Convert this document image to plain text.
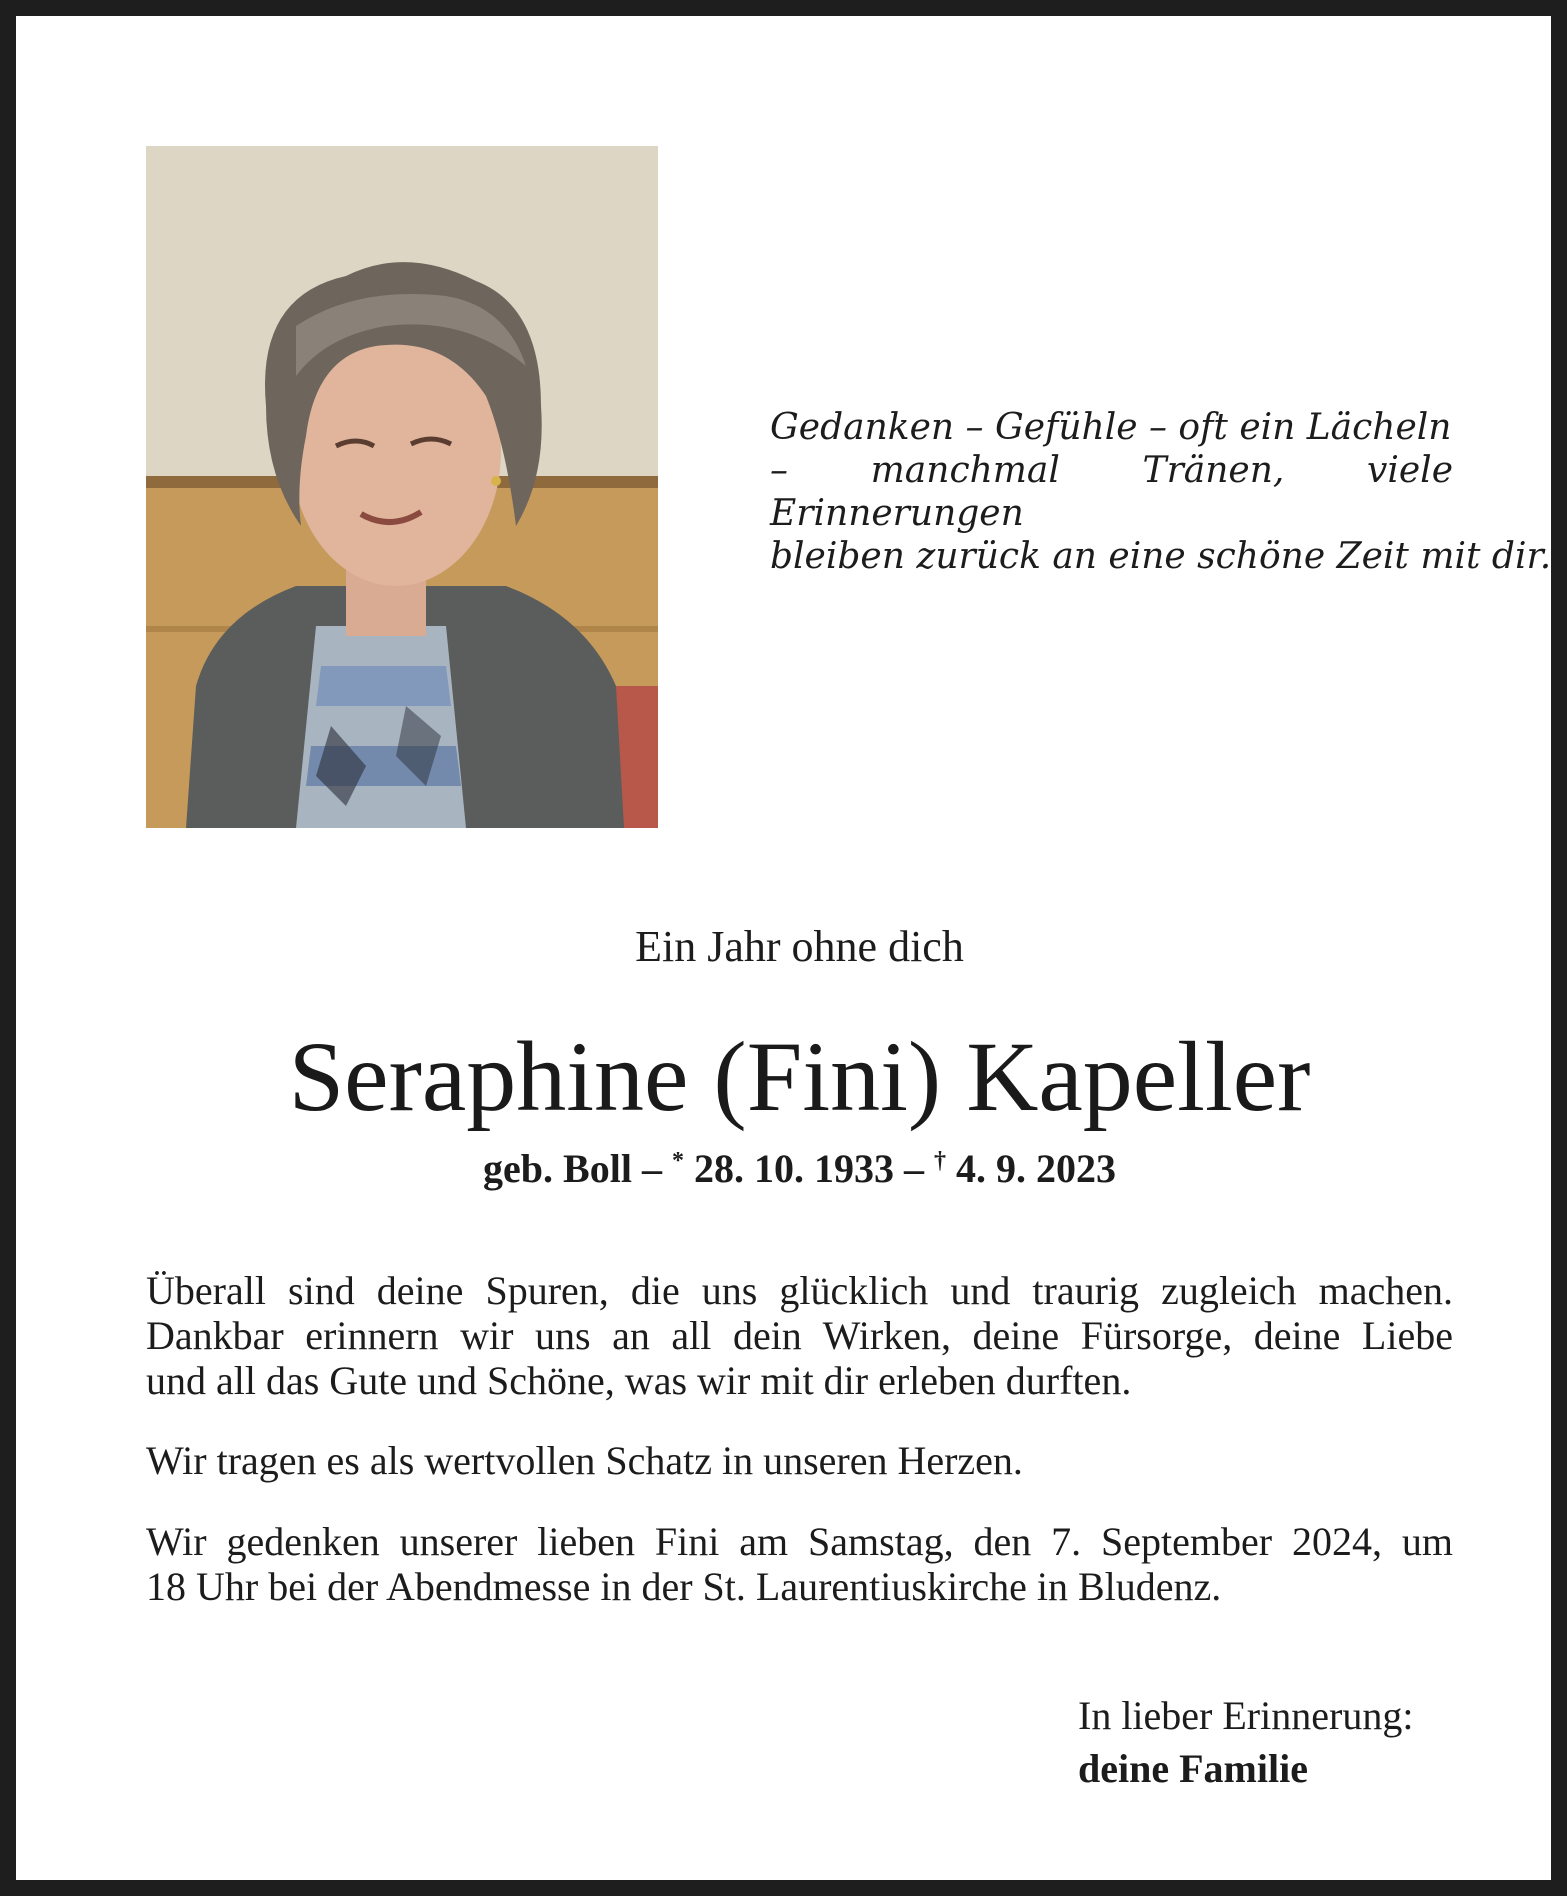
Gedanken – Gefühle – oft ein Lächeln
– manchmal Tränen, viele Erinnerungen
bleiben zurück an eine schöne Zeit mit dir.
Ein Jahr ohne dich
Seraphine (Fini) Kapeller
geb. Boll – * 28. 10. 1933 – † 4. 9. 2023
Überall sind deine Spuren, die uns glücklich und traurig zugleich machen.
Dankbar erinnern wir uns an all dein Wirken, deine Fürsorge, deine Liebe
und all das Gute und Schöne, was wir mit dir erleben durften.
Wir tragen es als wertvollen Schatz in unseren Herzen.
Wir gedenken unserer lieben Fini am Samstag, den 7. September 2024, um
18 Uhr bei der Abendmesse in der St. Laurentiuskirche in Bludenz.
In lieber Erinnerung:
deine Familie
